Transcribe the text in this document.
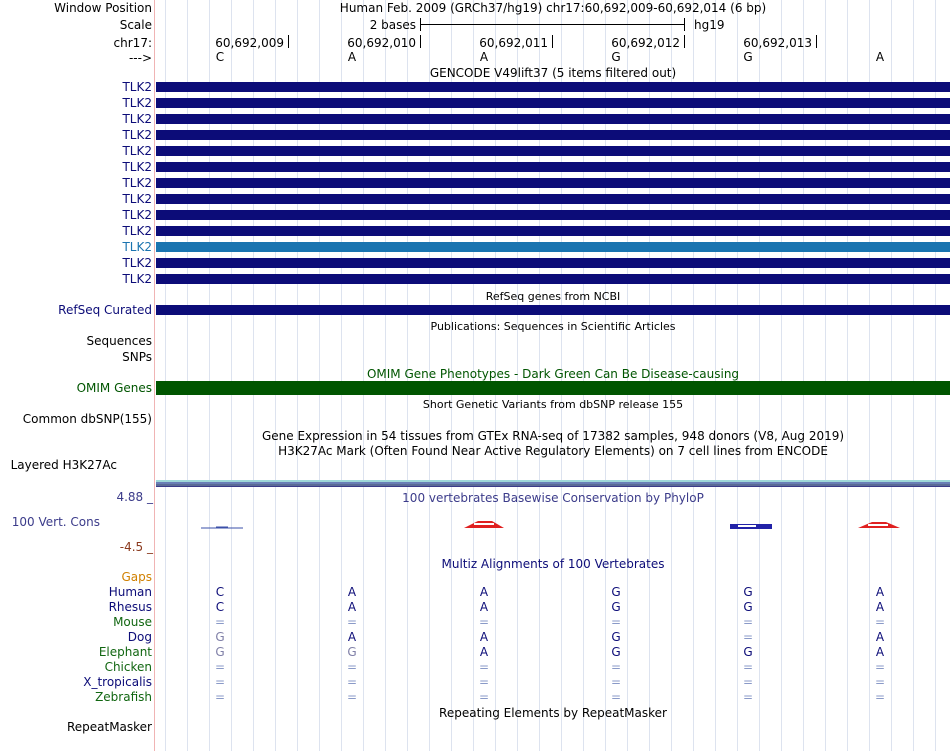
Window Position	Human Feb. 2009 (GRCh37/hg19) chr17:60,692,009-60,692,014 (6 bp)
Scale	2 bases	hg19
chr17:	60,692,009	60,692,010	60,692,011	60,692,012	60,692,013
--->	C	A	A	G	G	A
GENCODE V49lift37 (5 items filtered out)
TLK2
TLK2
TLK2
TLK2
TLK2
TLK2
TLK2
TLK2
TLK2
TLK2
TLK2
TLK2
TLK2
RefSeq genes from NCBI
RefSeq Curated
Publications: Sequences in Scientific Articles
Sequences
SNPs
OMIM Gene Phenotypes - Dark Green Can Be Disease-causing
OMIM Genes
Short Genetic Variants from dbSNP release 155
Common dbSNP(155)
Gene Expression in 54 tissues from GTEx RNA-seq of 17382 samples, 948 donors (V8, Aug 2019)
H3K27Ac Mark (Often Found Near Active Regulatory Elements) on 7 cell lines from ENCODE
Layered H3K27Ac
4.88 _	100 vertebrates Basewise Conservation by PhyloP
100 Vert. Cons
-4.5 _
Multiz Alignments of 100 Vertebrates
Gaps
Human	C	A	A	G	G	A
Rhesus	C	A	A	G	G	A
Mouse	=	=	=	=	=	=
Dog	G	A	A	G	=	A
Elephant	G	G	A	G	G	A
Chicken	=	=	=	=	=	=
X_tropicalis	=	=	=	=	=	=
Zebrafish	=	=	=	=	=	=
Repeating Elements by RepeatMasker
RepeatMasker
